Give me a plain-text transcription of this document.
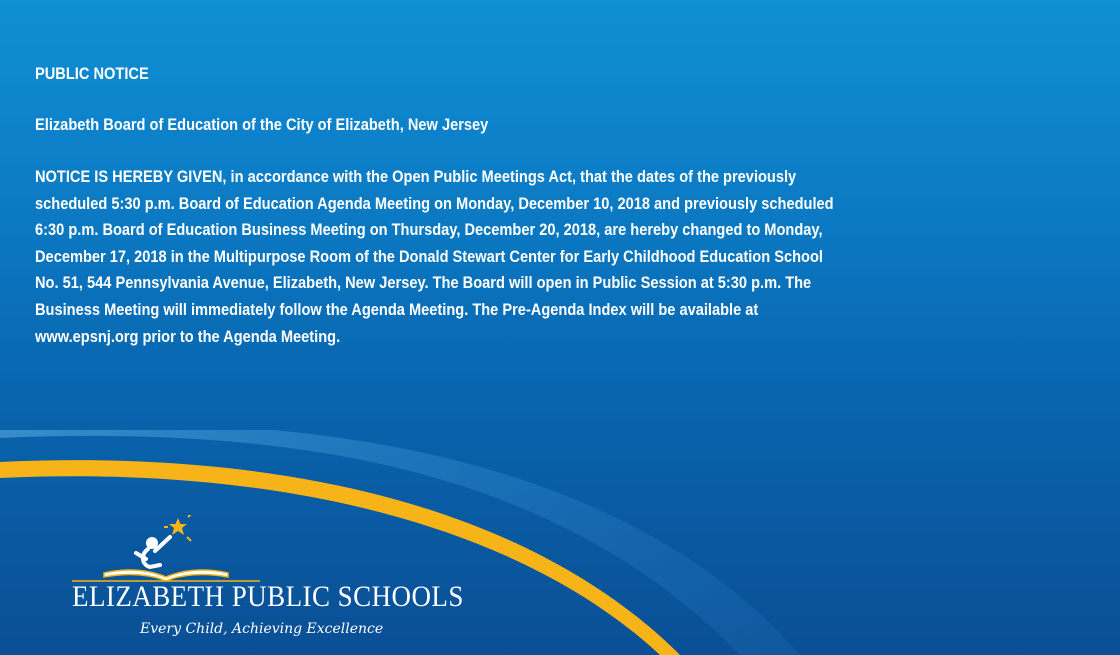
PUBLIC NOTICE
Elizabeth Board of Education of the City of Elizabeth, New Jersey
NOTICE IS HEREBY GIVEN, in accordance with the Open Public Meetings Act, that the dates of the previously
scheduled 5:30 p.m. Board of Education Agenda Meeting on Monday, December 10, 2018 and previously scheduled
6:30 p.m. Board of Education Business Meeting on Thursday, December 20, 2018, are hereby changed to Monday,
December 17, 2018 in the Multipurpose Room of the Donald Stewart Center for Early Childhood Education School
No. 51, 544 Pennsylvania Avenue, Elizabeth, New Jersey. The Board will open in Public Session at 5:30 p.m. The
Business Meeting will immediately follow the Agenda Meeting. The Pre-Agenda Index will be available at
www.epsnj.org prior to the Agenda Meeting.
ELIZABETH PUBLIC SCHOOLS
Every Child, Achieving Excellence
